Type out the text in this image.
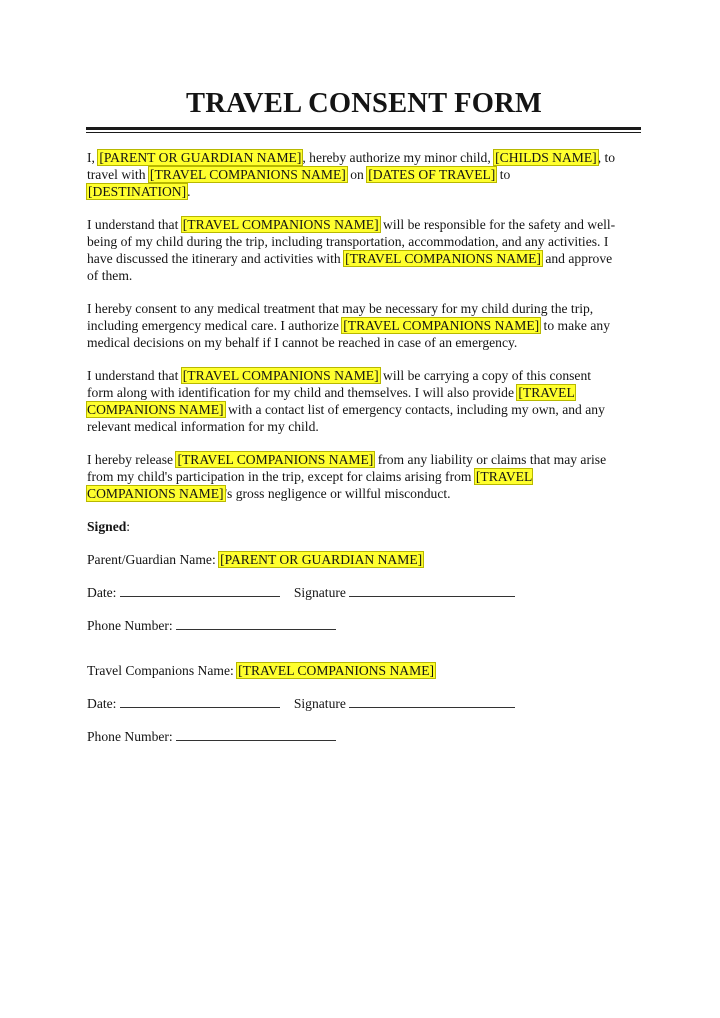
TRAVEL CONSENT FORM

I, [PARENT OR GUARDIAN NAME], hereby authorize my minor child, [CHILDS NAME], to travel with [TRAVEL COMPANIONS NAME] on [DATES OF TRAVEL] to [DESTINATION].

I understand that [TRAVEL COMPANIONS NAME] will be responsible for the safety and well-being of my child during the trip, including transportation, accommodation, and any activities. I have discussed the itinerary and activities with [TRAVEL COMPANIONS NAME] and approve of them.

I hereby consent to any medical treatment that may be necessary for my child during the trip, including emergency medical care. I authorize [TRAVEL COMPANIONS NAME] to make any medical decisions on my behalf if I cannot be reached in case of an emergency.

I understand that [TRAVEL COMPANIONS NAME] will be carrying a copy of this consent form along with identification for my child and themselves. I will also provide [TRAVEL COMPANIONS NAME] with a contact list of emergency contacts, including my own, and any relevant medical information for my child.

I hereby release [TRAVEL COMPANIONS NAME] from any liability or claims that may arise from my child's participation in the trip, except for claims arising from [TRAVEL COMPANIONS NAME]'s gross negligence or willful misconduct.

Signed:
Parent/Guardian Name: [PARENT OR GUARDIAN NAME]
Date:	Signature
Phone Number:
Travel Companions Name: [TRAVEL COMPANIONS NAME]
Date:	Signature
Phone Number:
